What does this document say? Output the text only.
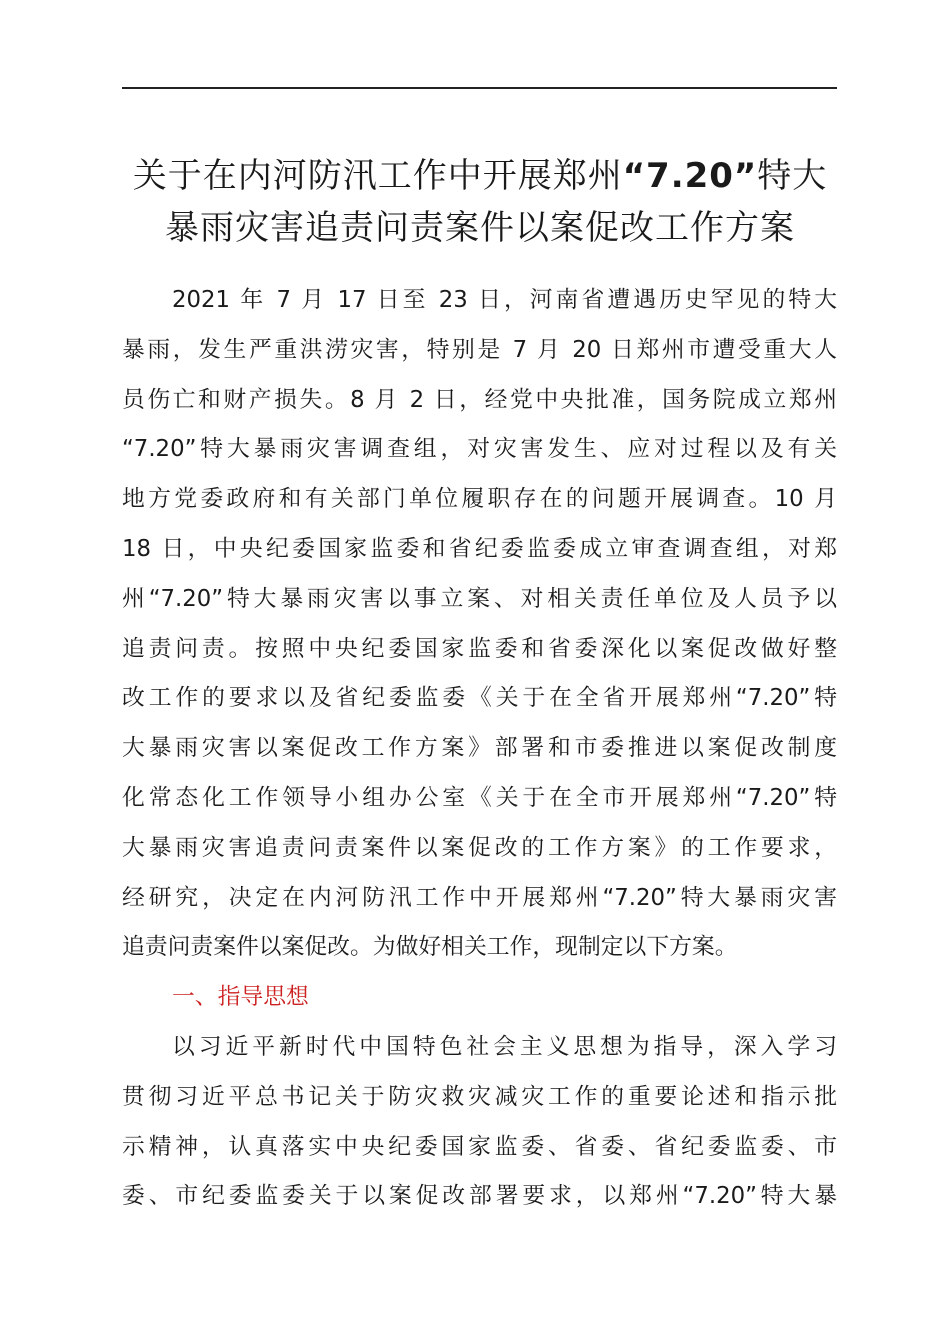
关于在内河防汛工作中开展郑州“7.20”特大
暴雨灾害追责问责案件以案促改工作方案
2021 年 7 月 17 日至 23 日，河南省遭遇历史罕见的特大
暴雨，发生严重洪涝灾害，特别是 7 月 20 日郑州市遭受重大人
员伤亡和财产损失。8 月 2 日，经党中央批准，国务院成立郑州
“7.20”特大暴雨灾害调查组，对灾害发生、应对过程以及有关
地方党委政府和有关部门单位履职存在的问题开展调查。10 月
18 日，中央纪委国家监委和省纪委监委成立审查调查组，对郑
州“7.20”特大暴雨灾害以事立案、对相关责任单位及人员予以
追责问责。按照中央纪委国家监委和省委深化以案促改做好整
改工作的要求以及省纪委监委《关于在全省开展郑州“7.20”特
大暴雨灾害以案促改工作方案》部署和市委推进以案促改制度
化常态化工作领导小组办公室《关于在全市开展郑州“7.20”特
大暴雨灾害追责问责案件以案促改的工作方案》的工作要求，
经研究，决定在内河防汛工作中开展郑州“7.20”特大暴雨灾害
追责问责案件以案促改。为做好相关工作，现制定以下方案。
一、指导思想
以习近平新时代中国特色社会主义思想为指导，深入学习
贯彻习近平总书记关于防灾救灾减灾工作的重要论述和指示批
示精神，认真落实中央纪委国家监委、省委、省纪委监委、市
委、市纪委监委关于以案促改部署要求，以郑州“7.20”特大暴
